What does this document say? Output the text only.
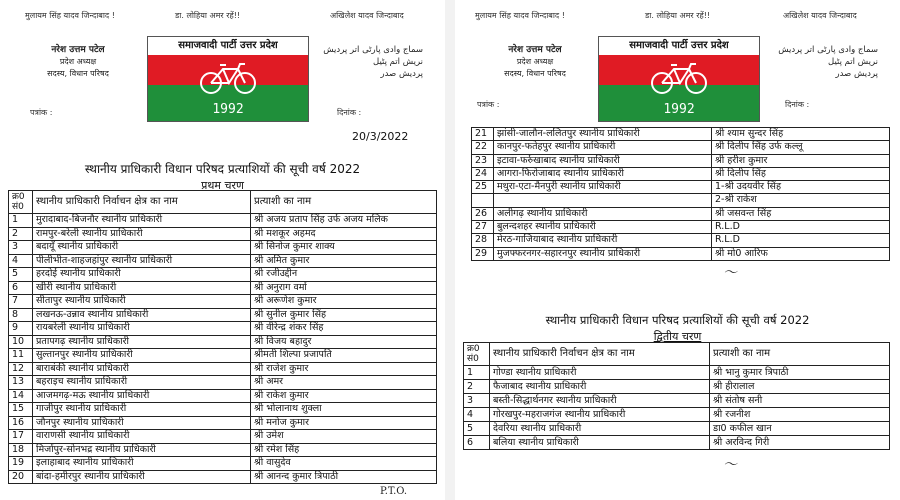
मुलायम सिंह यादव जिन्दाबाद !	डा. लोहिया अमर रहें!!	अखिलेश यादव जिन्दाबाद
नरेश उत्तम पटेल
प्रदेश अध्यक्ष
सदस्य, विधान परिषद
समाजवादी पार्टी उत्तर प्रदेश
1992
سماج وادی پارٹی اتر پردیش
نریش اتم پٹیل
پردیش صدر
पत्रांक :	दिनांक :
20/3/2022
स्थानीय प्राधिकारी विधान परिषद प्रत्याशियों की सूची वर्ष 2022
प्रथम चरण
क्र0 सं0	स्थानीय प्राधिकारी निर्वाचन क्षेत्र का नाम	प्रत्याशी का नाम
1	मुरादाबाद-बिजनौर स्थानीय प्राधिकारी	श्री अजय प्रताप सिंह उर्फ अजय मलिक
2	रामपुर-बरेली स्थानीय प्राधिकारी	श्री मशकूर अहमद
3	बदायूँ स्थानीय प्राधिकारी	श्री सिनोज कुमार शाक्य
4	पीलीभीत-शाहजहांपुर स्थानीय प्राधिकारी	श्री अमित कुमार
5	हरदोई स्थानीय प्राधिकारी	श्री रजीउद्दीन
6	खीरी स्थानीय प्राधिकारी	श्री अनुराग वर्मा
7	सीतापुर स्थानीय प्राधिकारी	श्री अरूणेश कुमार
8	लखनऊ-उन्नाव स्थानीय प्राधिकारी	श्री सुनील कुमार सिंह
9	रायबरेली स्थानीय प्राधिकारी	श्री वीरेन्द्र शंकर सिंह
10	प्रतापगढ़ स्थानीय प्राधिकारी	श्री विजय बहादुर
11	सुल्तानपुर स्थानीय प्राधिकारी	श्रीमती शिल्पा प्रजापति
12	बाराबंकी स्थानीय प्राधिकारी	श्री राजेश कुमार
13	बहराइच स्थानीय प्राधिकारी	श्री अमर
14	आजमगढ़-मऊ स्थानीय प्राधिकारी	श्री राकेश कुमार
15	गाजीपुर स्थानीय प्राधिकारी	श्री भोलानाथ शुक्ला
16	जौनपुर स्थानीय प्राधिकारी	श्री मनोज कुमार
17	वाराणसी स्थानीय प्राधिकारी	श्री उमेश
18	मिर्जापुर-सोनभद्र स्थानीय प्राधिकारी	श्री रमेश सिंह
19	इलाहाबाद स्थानीय प्राधिकारी	श्री वासुदेव
20	बांदा-हमीरपुर स्थानीय प्राधिकारी	श्री आनन्द कुमार त्रिपाठी
P.T.O.
मुलायम सिंह यादव जिन्दाबाद !	डा. लोहिया अमर रहें!!	अखिलेश यादव जिन्दाबाद
नरेश उत्तम पटेल
प्रदेश अध्यक्ष
सदस्य, विधान परिषद
समाजवादी पार्टी उत्तर प्रदेश
1992
سماج وادی پارٹی اتر پردیش
نریش اتم پٹیل
پردیش صدر
पत्रांक :	दिनांक :
21	झांसी-जालौन-ललितपुर स्थानीय प्राधिकारी	श्री श्याम सुन्दर सिंह
22	कानपुर-फतेहपुर स्थानीय प्राधिकारी	श्री दिलीप सिंह उर्फ कल्लू
23	इटावा-फर्रुखाबाद स्थानीय प्राधिकारी	श्री हरीश कुमार
24	आगरा-फिरोजाबाद स्थानीय प्राधिकारी	श्री दिलीप सिंह
25	मथुरा-एटा-मैनपुरी स्थानीय प्राधिकारी	1-श्री उदयवीर सिंह
		2-श्री राकेश
26	अलीगढ़ स्थानीय प्राधिकारी	श्री जसवन्त सिंह
27	बुलन्दशहर स्थानीय प्राधिकारी	R.L.D
28	मेरठ-गाजियाबाद स्थानीय प्राधिकारी	R.L.D
29	मुजफ्फरनगर-सहारनपुर स्थानीय प्राधिकारी	श्री मो0 आरिफ
〜
स्थानीय प्राधिकारी विधान परिषद प्रत्याशियों की सूची वर्ष 2022
द्वितीय चरण
क्र0 सं0	स्थानीय प्राधिकारी निर्वाचन क्षेत्र का नाम	प्रत्याशी का नाम
1	गोण्डा स्थानीय प्राधिकारी	श्री भानु कुमार त्रिपाठी
2	फैजाबाद स्थानीय प्राधिकारी	श्री हीरालाल
3	बस्ती-सिद्धार्थनगर स्थानीय प्राधिकारी	श्री संतोष सनी
4	गोरखपुर-महराजगंज स्थानीय प्राधिकारी	श्री रजनीश
5	देवरिया स्थानीय प्राधिकारी	डा0 कफील खान
6	बलिया स्थानीय प्राधिकारी	श्री अरविन्द गिरी
〜
